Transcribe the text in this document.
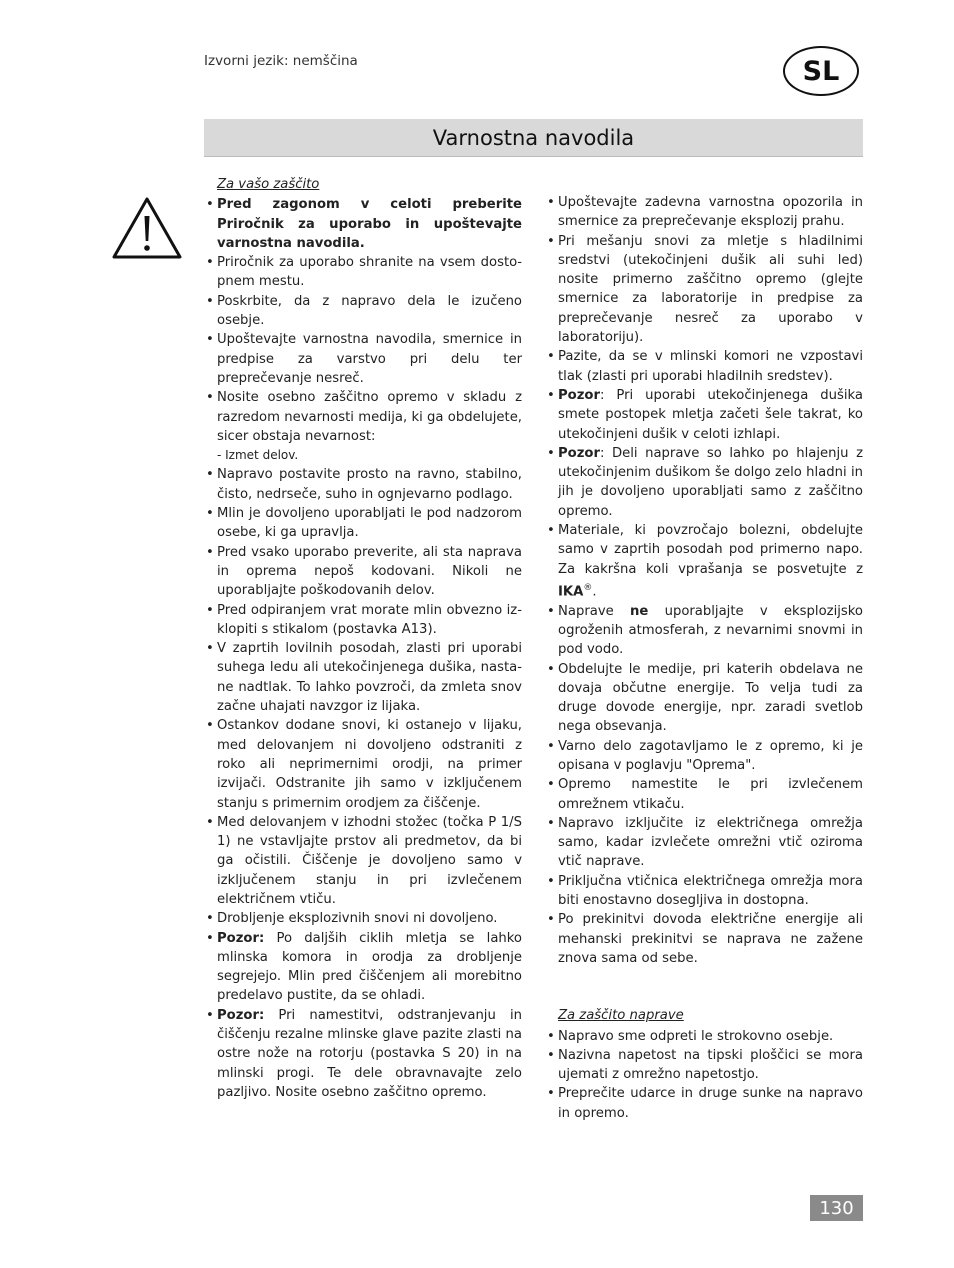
Izvorni jezik: nemščina	SL
Varnostna navodila
Za vašo zaščito
• Pred zagonom v celoti preberite Priročnik za uporabo in upoštevajte varnostna navodila.
• Priročnik za uporabo shranite na vsem dostopnem mestu.
• Poskrbite, da z napravo dela le izučeno osebje.
• Upoštevajte varnostna navodila, smernice in predpise za varstvo pri delu ter preprečevanje nesreč.
• Nosite osebno zaščitno opremo v skladu z razredom nevarnosti medija, ki ga obdelujete, sicer obstaja nevarnost:
- Izmet delov.
• Napravo postavite prosto na ravno, stabilno, čisto, nedrseče, suho in ognjevarno podlago.
• Mlin je dovoljeno uporabljati le pod nadzorom osebe, ki ga upravlja.
• Pred vsako uporabo preverite, ali sta naprava in oprema nepoš kodovani. Nikoli ne uporabljajte poškodovanih delov.
• Pred odpiranjem vrat morate mlin obvezno izklopiti s stikalom (postavka A13).
• V zaprtih lovilnih posodah, zlasti pri uporabi suhega ledu ali utekočinjenega dušika, nastane nadtlak. To lahko povzroči, da zmleta snov začne uhajati navzgor iz lijaka.
• Ostankov dodane snovi, ki ostanejo v lijaku, med delovanjem ni dovoljeno odstraniti z roko ali neprimernimi orodji, na primer izvijači. Odstranite jih samo v izključenem stanju s primernim orodjem za čiščenje.
• Med delovanjem v izhodni stožec (točka P 1/S 1) ne vstavljajte prstov ali predmetov, da bi ga očistili. Čiščenje je dovoljeno samo v izključenem stanju in pri izvlečenem električnem vtiču.
• Drobljenje eksplozivnih snovi ni dovoljeno.
• Pozor: Po daljših ciklih mletja se lahko mlinska komora in orodja za drobljenje segrejejo. Mlin pred čiščenjem ali morebitno predelavo pustite, da se ohladi.
• Pozor: Pri namestitvi, odstranjevanju in čiščenju rezalne mlinske glave pazite zlasti na ostre nože na rotorju (postavka S 20) in na mlinski progi. Te dele obravnavajte zelo pazljivo. Nosite osebno zaščitno opremo.
• Upoštevajte zadevna varnostna opozorila in smernice za preprečevanje eksplozij prahu.
• Pri mešanju snovi za mletje s hladilnimi sredstvi (utekočinjeni dušik ali suhi led) nosite primerno zaščitno opremo (glejte smernice za laboratorije in predpise za preprečevanje nesreč za uporabo v laboratoriju).
• Pazite, da se v mlinski komori ne vzpostavi tlak (zlasti pri uporabi hladilnih sredstev).
• Pozor: Pri uporabi utekočinjenega dušika smete postopek mletja začeti šele takrat, ko utekočinjeni dušik v celoti izhlapi.
• Pozor: Deli naprave so lahko po hlajenju z utekočinjenim dušikom še dolgo zelo hladni in jih je dovoljeno uporabljati samo z zaščitno opremo.
• Materiale, ki povzročajo bolezni, obdelujte samo v zaprtih posodah pod primerno napo. Za kakršna koli vprašanja se posvetujte z IKA®.
• Naprave ne uporabljajte v eksplozijsko ogroženih atmosferah, z nevarnimi snovmi in pod vodo.
• Obdelujte le medije, pri katerih obdelava ne dovaja občutne energije. To velja tudi za druge dovode energije, npr. zaradi svetlob nega obsevanja.
• Varno delo zagotavljamo le z opremo, ki je opisana v poglavju "Oprema".
• Opremo namestite le pri izvlečenem omrežnem vtikaču.
• Napravo izključite iz električnega omrežja samo, kadar izvlečete omrežni vtič oziroma vtič naprave.
• Priključna vtičnica električnega omrežja mora biti enostavno dosegljiva in dostopna.
• Po prekinitvi dovoda električne energije ali mehanski prekinitvi se naprava ne zažene znova sama od sebe.
Za zaščito naprave
• Napravo sme odpreti le strokovno osebje.
• Nazivna napetost na tipski ploščici se mora ujemati z omrežno napetostjo.
• Preprečite udarce in druge sunke na napravo in opremo.
130
